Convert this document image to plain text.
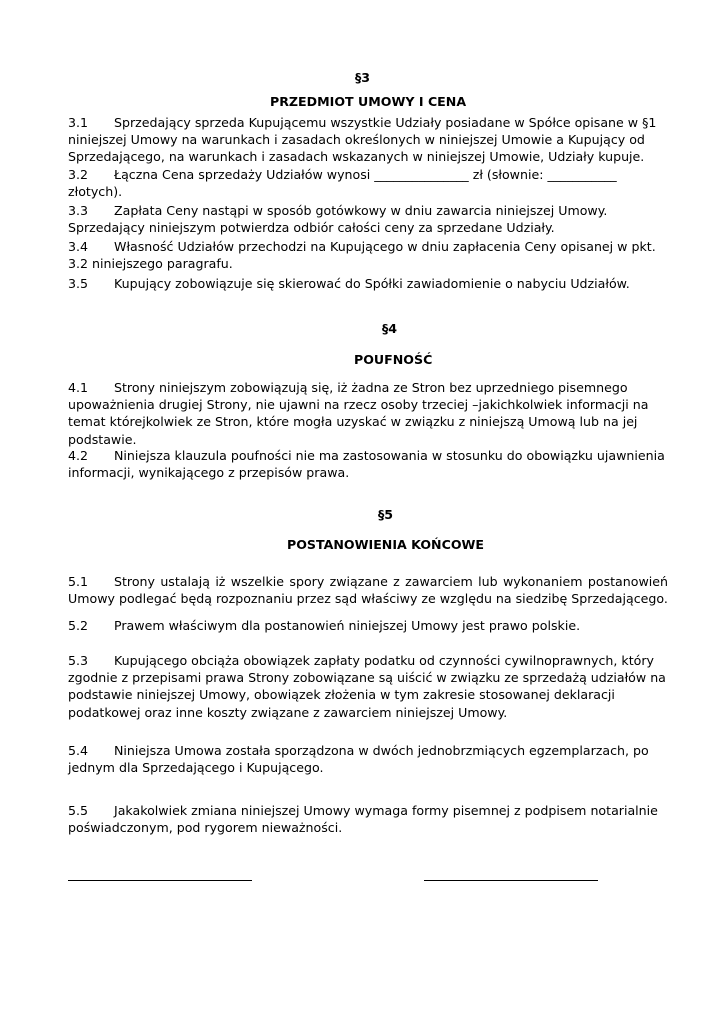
§3
PRZEDMIOT UMOWY I CENA

3.1 Sprzedający sprzeda Kupującemu wszystkie Udziały posiadane w Spółce opisane w §1 niniejszej Umowy na warunkach i zasadach określonych w niniejszej Umowie a Kupujący od Sprzedającego, na warunkach i zasadach wskazanych w niniejszej Umowie, Udziały kupuje.

3.2 Łączna Cena sprzedaży Udziałów wynosi _______________ zł (słownie: ___________ złotych).

3.3 Zapłata Ceny nastąpi w sposób gotówkowy w dniu zawarcia niniejszej Umowy. Sprzedający niniejszym potwierdza odbiór całości ceny za sprzedane Udziały.

3.4 Własność Udziałów przechodzi na Kupującego w dniu zapłacenia Ceny opisanej w pkt. 3.2 niniejszego paragrafu.

3.5 Kupujący zobowiązuje się skierować do Spółki zawiadomienie o nabyciu Udziałów.

§4
POUFNOŚĆ

4.1 Strony niniejszym zobowiązują się, iż żadna ze Stron bez uprzedniego pisemnego upoważnienia drugiej Strony, nie ujawni na rzecz osoby trzeciej –jakichkolwiek informacji na temat którejkolwiek ze Stron, które mogła uzyskać w związku z niniejszą Umową lub na jej podstawie.

4.2 Niniejsza klauzula poufności nie ma zastosowania w stosunku do obowiązku ujawnienia informacji, wynikającego z przepisów prawa.

§5
POSTANOWIENIA KOŃCOWE

5.1 Strony ustalają iż wszelkie spory związane z zawarciem lub wykonaniem postanowień Umowy podlegać będą rozpoznaniu przez sąd właściwy ze względu na siedzibę Sprzedającego.

5.2 Prawem właściwym dla postanowień niniejszej Umowy jest prawo polskie.

5.3 Kupującego obciąża obowiązek zapłaty podatku od czynności cywilnoprawnych, który zgodnie z przepisami prawa Strony zobowiązane są uiścić w związku ze sprzedażą udziałów na podstawie niniejszej Umowy, obowiązek złożenia w tym zakresie stosowanej deklaracji podatkowej oraz inne koszty związane z zawarciem niniejszej Umowy.

5.4 Niniejsza Umowa została sporządzona w dwóch jednobrzmiących egzemplarzach, po jednym dla Sprzedającego i Kupującego.

5.5 Jakakolwiek zmiana niniejszej Umowy wymaga formy pisemnej z podpisem notarialnie poświadczonym, pod rygorem nieważności.
